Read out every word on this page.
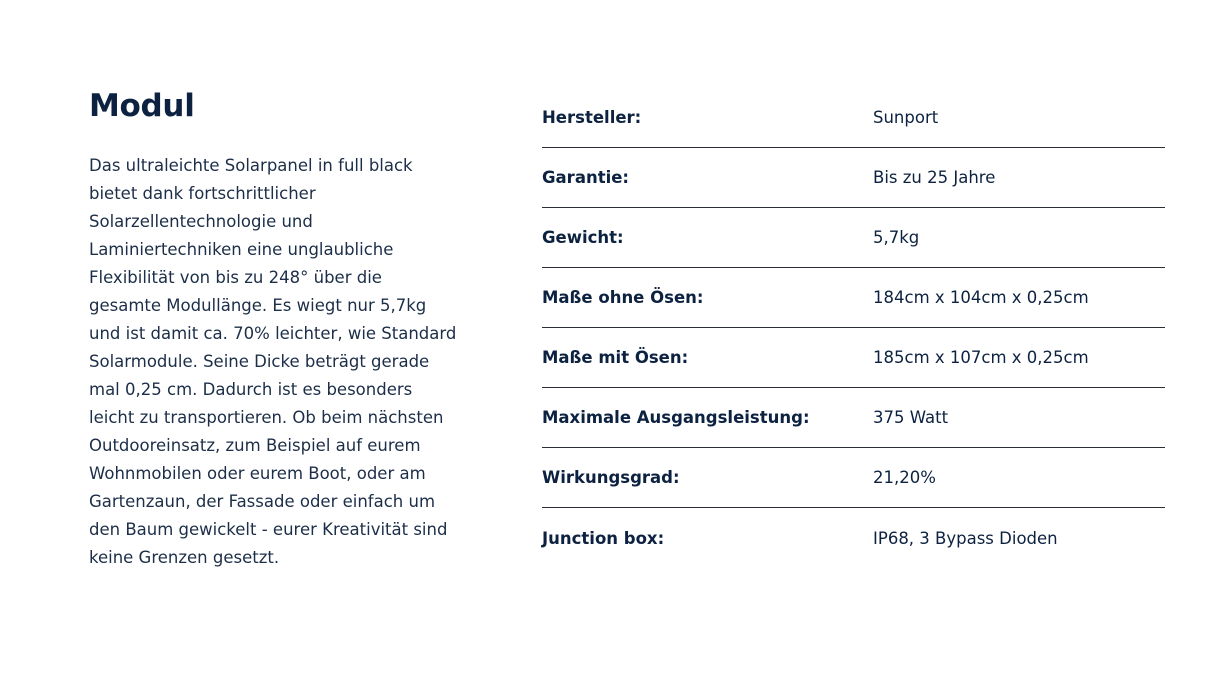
Modul

Das ultraleichte Solarpanel in full black bietet dank fortschrittlicher Solarzellentechnologie und Laminiertechniken eine unglaubliche Flexibilität von bis zu 248° über die gesamte Modullänge. Es wiegt nur 5,7kg und ist damit ca. 70% leichter, wie Standard Solarmodule. Seine Dicke beträgt gerade mal 0,25 cm. Dadurch ist es besonders leicht zu transportieren. Ob beim nächsten Outdooreinsatz, zum Beispiel auf eurem Wohnmobilen oder eurem Boot, oder am Gartenzaun, der Fassade oder einfach um den Baum gewickelt - eurer Kreativität sind keine Grenzen gesetzt.

Hersteller:	Sunport
Garantie:	Bis zu 25 Jahre
Gewicht:	5,7kg
Maße ohne Ösen:	184cm x 104cm x 0,25cm
Maße mit Ösen:	185cm x 107cm x 0,25cm
Maximale Ausgangsleistung:	375 Watt
Wirkungsgrad:	21,20%
Junction box:	IP68, 3 Bypass Dioden
